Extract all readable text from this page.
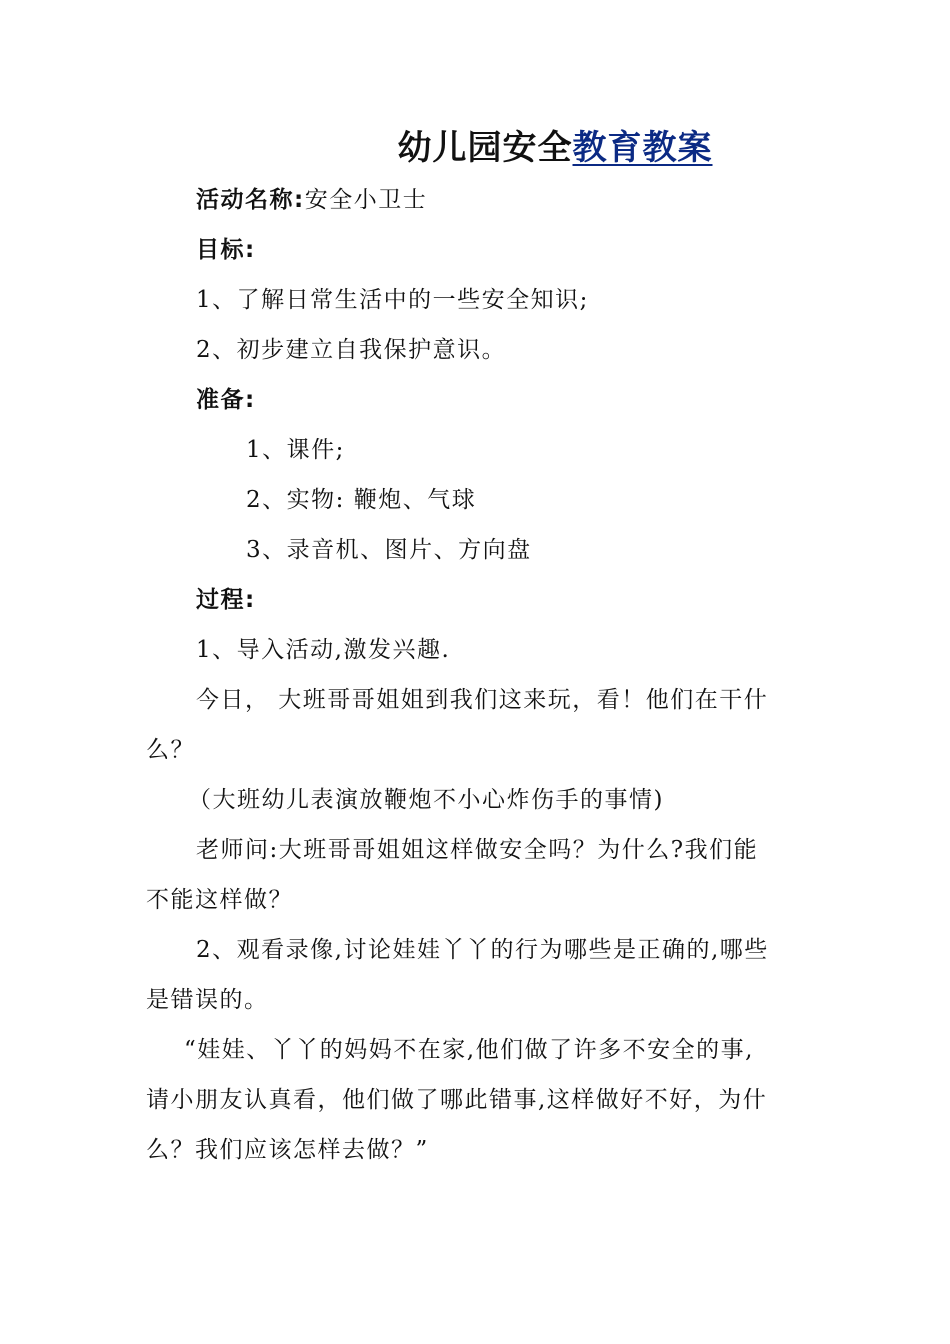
幼儿园安全教育教案
活动名称:安全小卫士
目标:
1、了解日常生活中的一些安全知识;
2、初步建立自我保护意识。
准备:
1、课件;
2、实物: 鞭炮、气球
3、录音机、图片、方向盘
过程:
1、导入活动,激发兴趣.
今日， 大班哥哥姐姐到我们这来玩，看！他们在干什
么？
（大班幼儿表演放鞭炮不小心炸伤手的事情)
老师问:大班哥哥姐姐这样做安全吗？为什么?我们能
不能这样做？
2、观看录像,讨论娃娃丫丫的行为哪些是正确的,哪些
是错误的。
“娃娃、丫丫的妈妈不在家,他们做了许多不安全的事,
请小朋友认真看，他们做了哪此错事,这样做好不好，为什
么？我们应该怎样去做？”
